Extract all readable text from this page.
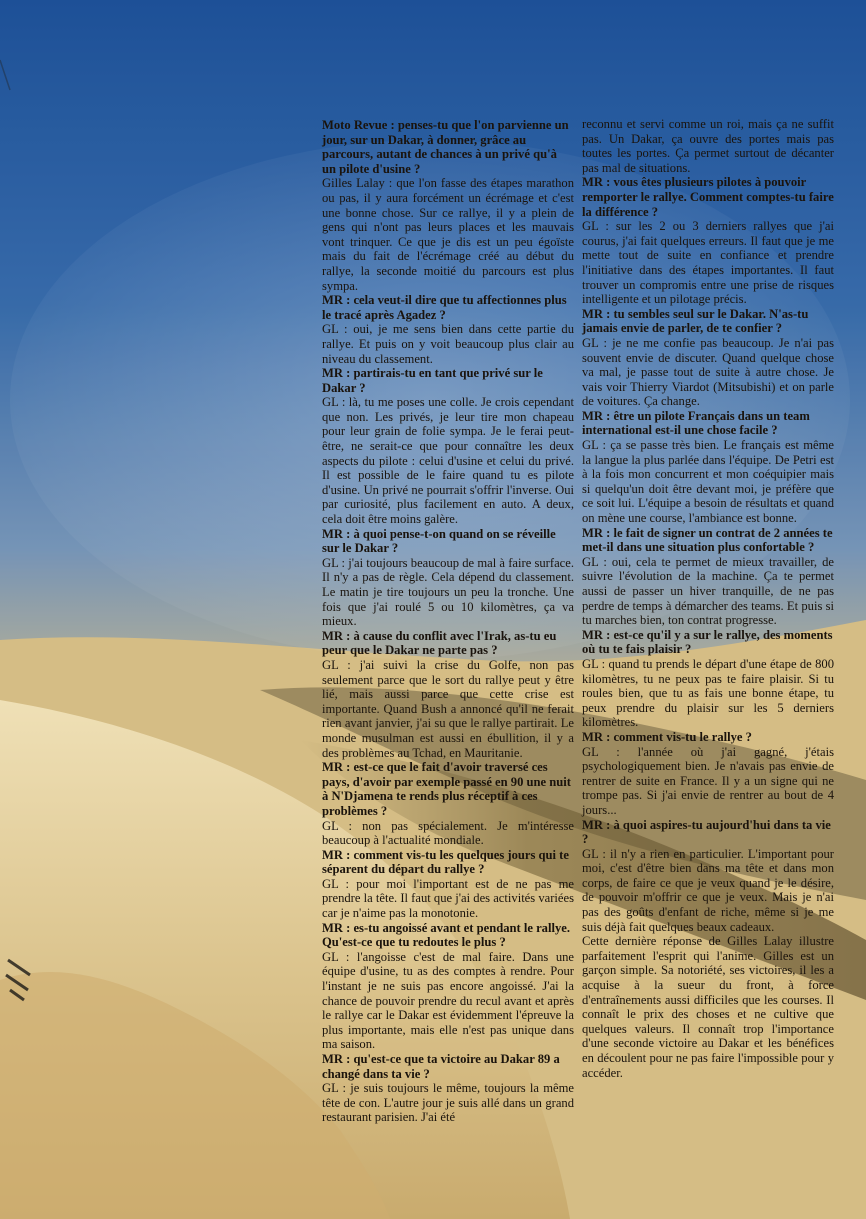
Moto Revue : penses-tu que l'on parvienne un jour, sur un Dakar, à donner, grâce au parcours, autant de chances à un privé qu'à un pilote d'usine ?

Gilles Lalay : que l'on fasse des étapes marathon ou pas, il y aura forcément un écrémage et c'est une bonne chose. Sur ce rallye, il y a plein de gens qui n'ont pas leurs places et les mauvais vont trinquer. Ce que je dis est un peu égoïste mais du fait de l'écrémage créé au début du rallye, la seconde moitié du parcours est plus sympa.

MR : cela veut-il dire que tu affectionnes plus le tracé après Agadez ?

GL : oui, je me sens bien dans cette partie du rallye. Et puis on y voit beaucoup plus clair au niveau du classement.

MR : partirais-tu en tant que privé sur le Dakar ?

GL : là, tu me poses une colle. Je crois cependant que non. Les privés, je leur tire mon chapeau pour leur grain de folie sympa. Je le ferai peut-être, ne serait-ce que pour connaître les deux aspects du pilote : celui d'usine et celui du privé. Il est possible de le faire quand tu es pilote d'usine. Un privé ne pourrait s'offrir l'inverse. Oui par curiosité, plus facilement en auto. A deux, cela doit être moins galère.

MR : à quoi pense-t-on quand on se réveille sur le Dakar ?

GL : j'ai toujours beaucoup de mal à faire surface. Il n'y a pas de règle. Cela dépend du classement. Le matin je tire toujours un peu la tronche. Une fois que j'ai roulé 5 ou 10 kilomètres, ça va mieux.

MR : à cause du conflit avec l'Irak, as-tu eu peur que le Dakar ne parte pas ?

GL : j'ai suivi la crise du Golfe, non pas seulement parce que le sort du rallye peut y être lié, mais aussi parce que cette crise est importante. Quand Bush a annoncé qu'il ne ferait rien avant janvier, j'ai su que le rallye partirait. Le monde musulman est aussi en ébullition, il y a des problèmes au Tchad, en Mauritanie.

MR : est-ce que le fait d'avoir traversé ces pays, d'avoir par exemple passé en 90 une nuit à N'Djamena te rends plus réceptif à ces problèmes ?

GL : non pas spécialement. Je m'intéresse beaucoup à l'actualité mondiale.

MR : comment vis-tu les quelques jours qui te séparent du départ du rallye ?

GL : pour moi l'important est de ne pas me prendre la tête. Il faut que j'ai des activités variées car je n'aime pas la monotonie.

MR : es-tu angoissé avant et pendant le rallye. Qu'est-ce que tu redoutes le plus ?

GL : l'angoisse c'est de mal faire. Dans une équipe d'usine, tu as des comptes à rendre. Pour l'instant je ne suis pas encore angoissé. J'ai la chance de pouvoir prendre du recul avant et après le rallye car le Dakar est évidemment l'épreuve la plus importante, mais elle n'est pas unique dans ma saison.

MR : qu'est-ce que ta victoire au Dakar 89 a changé dans ta vie ?

GL : je suis toujours le même, toujours la même tête de con. L'autre jour je suis allé dans un grand restaurant parisien. J'ai été

reconnu et servi comme un roi, mais ça ne suffit pas. Un Dakar, ça ouvre des portes mais pas toutes les portes. Ça permet surtout de décanter pas mal de situations.

MR : vous êtes plusieurs pilotes à pouvoir remporter le rallye. Comment comptes-tu faire la différence ?

GL : sur les 2 ou 3 derniers rallyes que j'ai courus, j'ai fait quelques erreurs. Il faut que je me mette tout de suite en confiance et prendre l'initiative dans des étapes importantes. Il faut trouver un compromis entre une prise de risques intelligente et un pilotage précis.

MR : tu sembles seul sur le Dakar. N'as-tu jamais envie de parler, de te confier ?

GL : je ne me confie pas beaucoup. Je n'ai pas souvent envie de discuter. Quand quelque chose va mal, je passe tout de suite à autre chose. Je vais voir Thierry Viardot (Mitsubishi) et on parle de voitures. Ça change.

MR : être un pilote Français dans un team international est-il une chose facile ?

GL : ça se passe très bien. Le français est même la langue la plus parlée dans l'équipe. De Petri est à la fois mon concurrent et mon coéquipier mais si quelqu'un doit être devant moi, je préfère que ce soit lui. L'équipe a besoin de résultats et quand on mène une course, l'ambiance est bonne.

MR : le fait de signer un contrat de 2 années te met-il dans une situation plus confortable ?

GL : oui, cela te permet de mieux travailler, de suivre l'évolution de la machine. Ça te permet aussi de passer un hiver tranquille, de ne pas perdre de temps à démarcher des teams. Et puis si tu marches bien, ton contrat progresse.

MR : est-ce qu'il y a sur le rallye, des moments où tu te fais plaisir ?

GL : quand tu prends le départ d'une étape de 800 kilomètres, tu ne peux pas te faire plaisir. Si tu roules bien, que tu as fais une bonne étape, tu peux prendre du plaisir sur les 5 derniers kilomètres.

MR : comment vis-tu le rallye ?

GL : l'année où j'ai gagné, j'étais psychologiquement bien. Je n'avais pas envie de rentrer de suite en France. Il y a un signe qui ne trompe pas. Si j'ai envie de rentrer au bout de 4 jours...

MR : à quoi aspires-tu aujourd'hui dans ta vie ?

GL : il n'y a rien en particulier. L'important pour moi, c'est d'être bien dans ma tête et dans mon corps, de faire ce que je veux quand je le désire, de pouvoir m'offrir ce que je veux. Mais je n'ai pas des goûts d'enfant de riche, même si je me suis déjà fait quelques beaux cadeaux.

Cette dernière réponse de Gilles Lalay illustre parfaitement l'esprit qui l'anime. Gilles est un garçon simple. Sa notoriété, ses victoires, il les a acquise à la sueur du front, à force d'entraînements aussi difficiles que les courses. Il connaît le prix des choses et ne cultive que quelques valeurs. Il connaît trop l'importance d'une seconde victoire au Dakar et les bénéfices en découlent pour ne pas faire l'impossible pour y accéder.
